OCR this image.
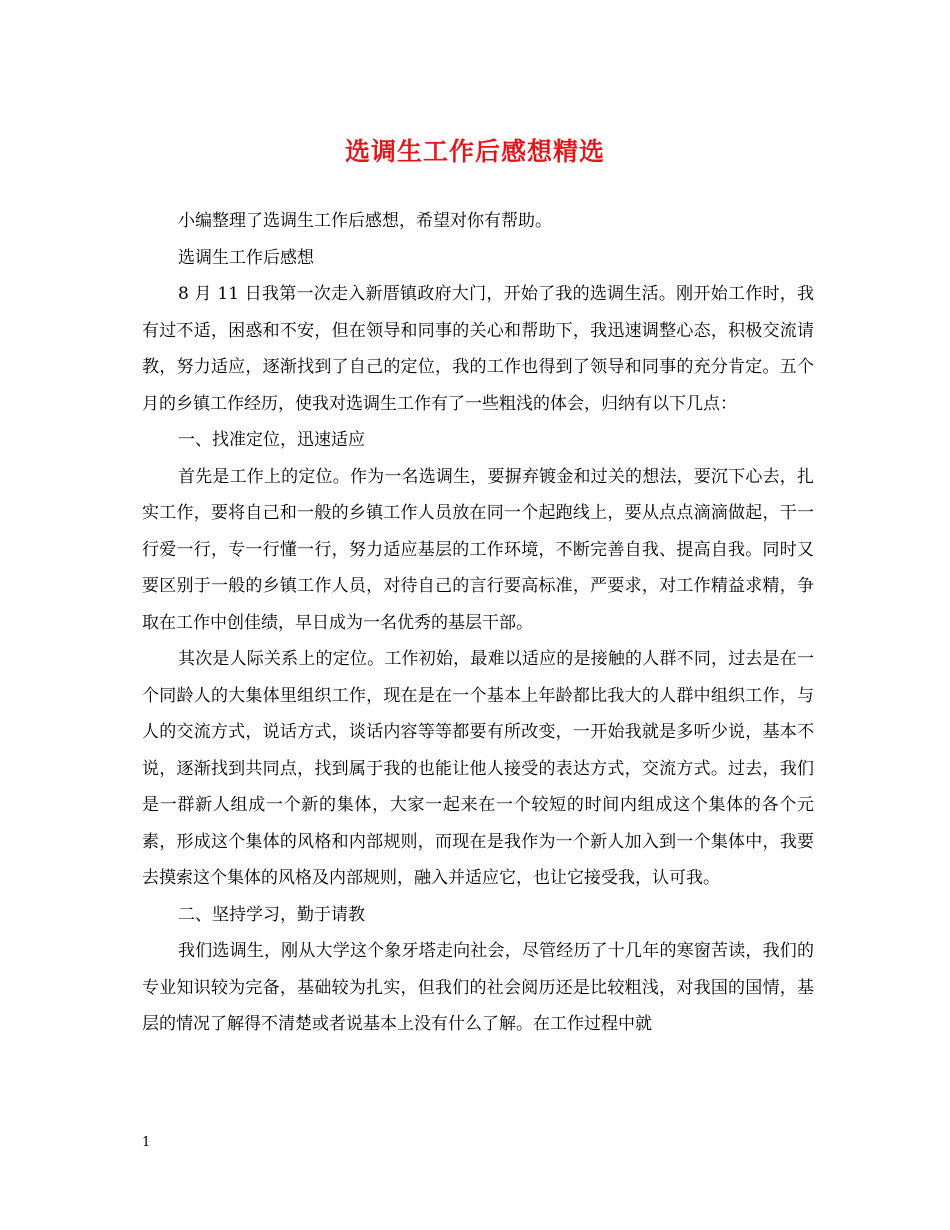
选调生工作后感想精选

小编整理了选调生工作后感想，希望对你有帮助。

选调生工作后感想

8 月 11 日我第一次走入新厝镇政府大门，开始了我的选调生活。刚开始工作时，我有过不适，困惑和不安，但在领导和同事的关心和帮助下，我迅速调整心态，积极交流请教，努力适应，逐渐找到了自己的定位，我的工作也得到了领导和同事的充分肯定。五个月的乡镇工作经历，使我对选调生工作有了一些粗浅的体会，归纳有以下几点：

一、找准定位，迅速适应

首先是工作上的定位。作为一名选调生，要摒弃镀金和过关的想法，要沉下心去，扎实工作，要将自己和一般的乡镇工作人员放在同一个起跑线上，要从点点滴滴做起，干一行爱一行，专一行懂一行，努力适应基层的工作环境，不断完善自我、提高自我。同时又要区别于一般的乡镇工作人员，对待自己的言行要高标准，严要求，对工作精益求精，争取在工作中创佳绩，早日成为一名优秀的基层干部。

其次是人际关系上的定位。工作初始，最难以适应的是接触的人群不同，过去是在一个同龄人的大集体里组织工作，现在是在一个基本上年龄都比我大的人群中组织工作，与人的交流方式，说话方式，谈话内容等等都要有所改变，一开始我就是多听少说，基本不说，逐渐找到共同点，找到属于我的也能让他人接受的表达方式，交流方式。过去，我们是一群新人组成一个新的集体，大家一起来在一个较短的时间内组成这个集体的各个元素，形成这个集体的风格和内部规则，而现在是我作为一个新人加入到一个集体中，我要去摸索这个集体的风格及内部规则，融入并适应它，也让它接受我，认可我。

二、坚持学习，勤于请教

我们选调生，刚从大学这个象牙塔走向社会，尽管经历了十几年的寒窗苦读，我们的专业知识较为完备，基础较为扎实，但我们的社会阅历还是比较粗浅，对我国的国情，基层的情况了解得不清楚或者说基本上没有什么了解。在工作过程中就

1
